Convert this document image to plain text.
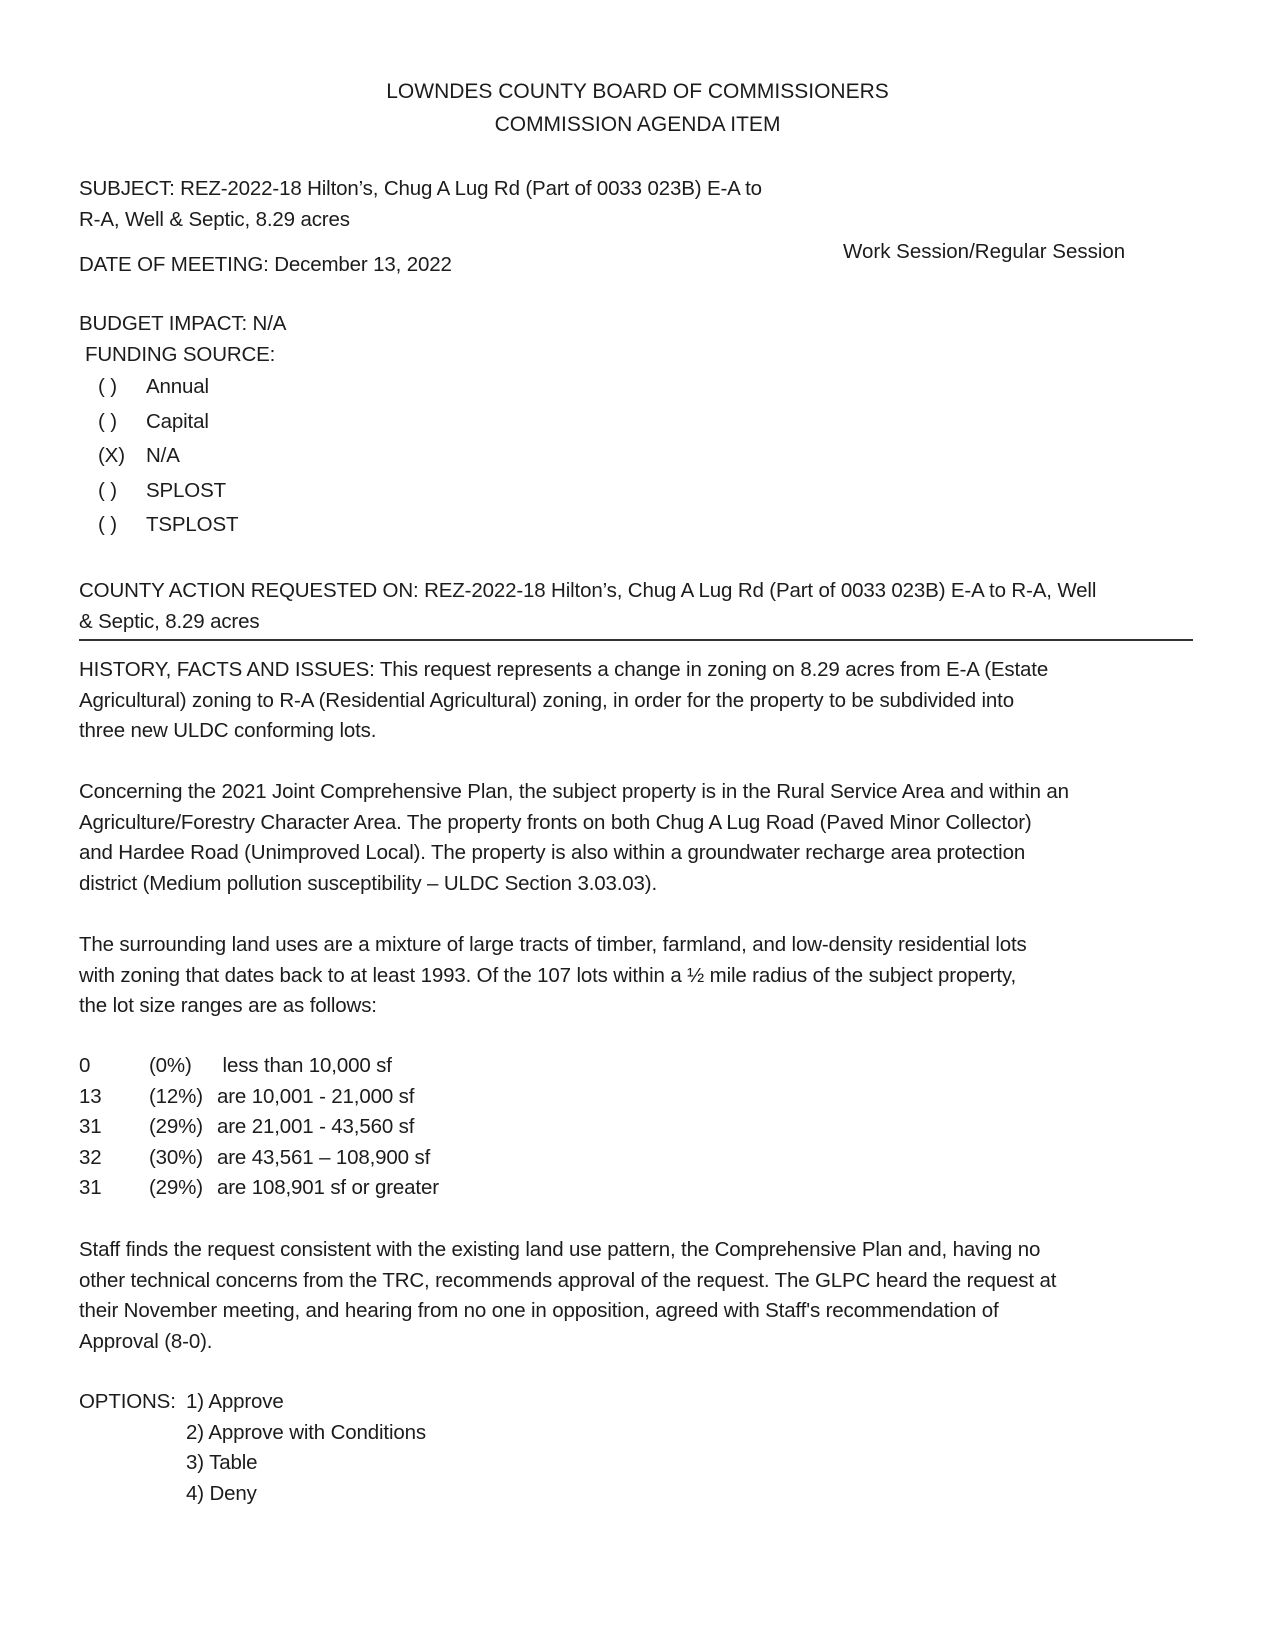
LOWNDES COUNTY BOARD OF COMMISSIONERS
COMMISSION AGENDA ITEM
SUBJECT: REZ-2022-18 Hilton’s, Chug A Lug Rd (Part of 0033 023B) E-A to
R-A, Well & Septic, 8.29 acres
DATE OF MEETING: December 13, 2022
Work Session/Regular Session
BUDGET IMPACT: N/A
FUNDING SOURCE:
( )	Annual
( )	Capital
(X)	N/A
( )	SPLOST
( )	TSPLOST
COUNTY ACTION REQUESTED ON: REZ-2022-18 Hilton’s, Chug A Lug Rd (Part of 0033 023B) E-A to R-A, Well
& Septic, 8.29 acres
HISTORY, FACTS AND ISSUES: This request represents a change in zoning on 8.29 acres from E-A (Estate
Agricultural) zoning to R-A (Residential Agricultural) zoning, in order for the property to be subdivided into
three new ULDC conforming lots.
Concerning the 2021 Joint Comprehensive Plan, the subject property is in the Rural Service Area and within an
Agriculture/Forestry Character Area. The property fronts on both Chug A Lug Road (Paved Minor Collector)
and Hardee Road (Unimproved Local). The property is also within a groundwater recharge area protection
district (Medium pollution susceptibility – ULDC Section 3.03.03).
The surrounding land uses are a mixture of large tracts of timber, farmland, and low-density residential lots
with zoning that dates back to at least 1993. Of the 107 lots within a ½ mile radius of the subject property,
the lot size ranges are as follows:
0	(0%)	less than 10,000 sf
13	(12%) are 10,001 - 21,000 sf
31	(29%) are 21,001 - 43,560 sf
32	(30%) are 43,561 – 108,900 sf
31	(29%) are 108,901 sf or greater
Staff finds the request consistent with the existing land use pattern, the Comprehensive Plan and, having no
other technical concerns from the TRC, recommends approval of the request. The GLPC heard the request at
their November meeting, and hearing from no one in opposition, agreed with Staff's recommendation of
Approval (8-0).
OPTIONS: 1) Approve
2) Approve with Conditions
3) Table
4) Deny
